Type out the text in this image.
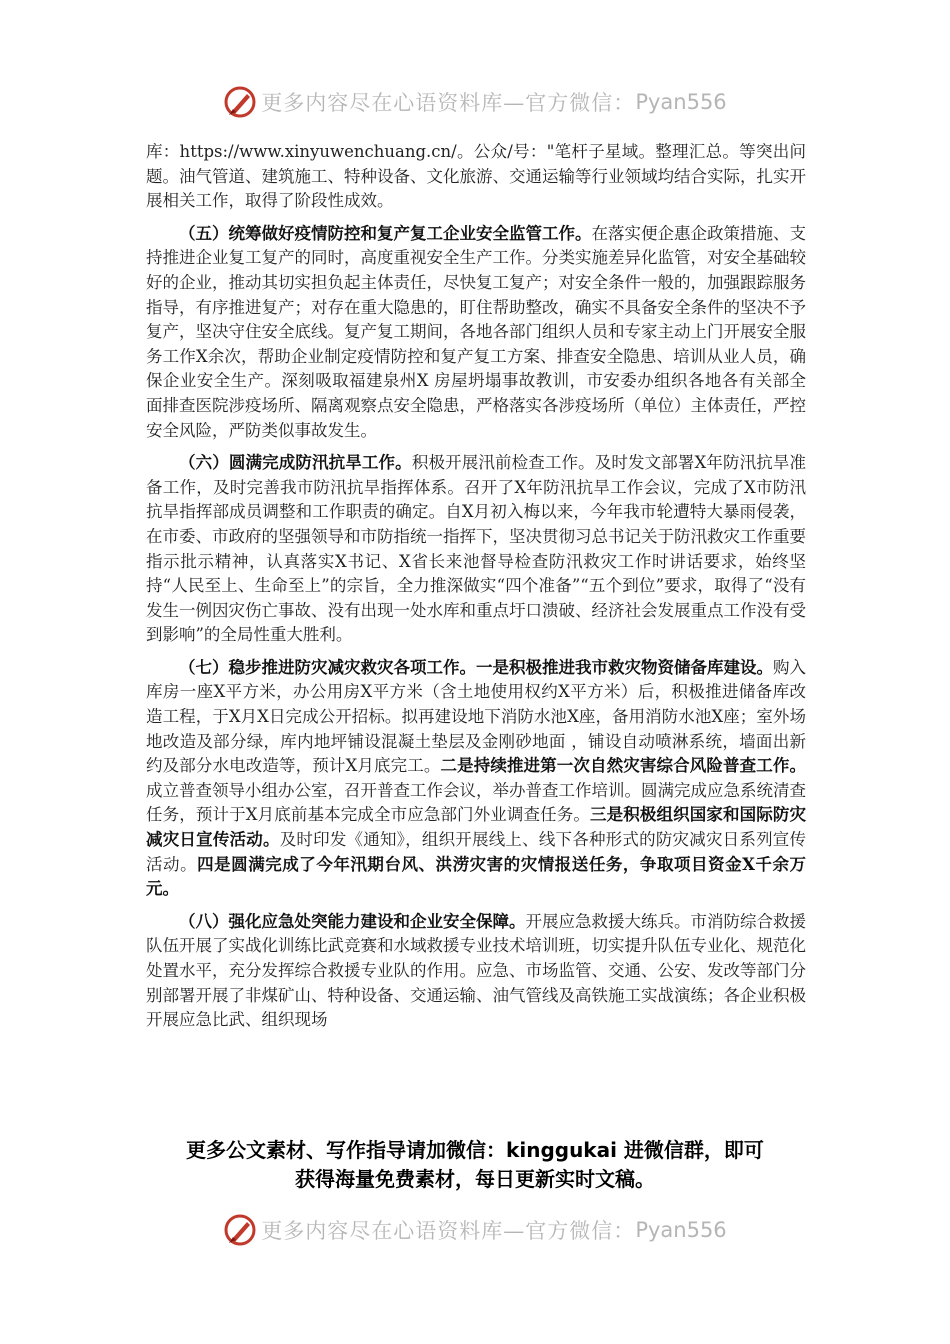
更多内容尽在心语资料库—官方微信： Pyan556

库：https://www.xinyuwenchuang.cn/。公众/号："笔杆子星域。整理汇总。等突出问题。油气管道、建筑施工、特种设备、文化旅游、交通运输等行业领域均结合实际，扎实开展相关工作，取得了阶段性成效。

（五）统筹做好疫情防控和复产复工企业安全监管工作。在落实便企惠企政策措施、支持推进企业复工复产的同时，高度重视安全生产工作。分类实施差异化监管，对安全基础较好的企业，推动其切实担负起主体责任，尽快复工复产；对安全条件一般的，加强跟踪服务指导，有序推进复产；对存在重大隐患的，盯住帮助整改，确实不具备安全条件的坚决不予复产，坚决守住安全底线。复产复工期间，各地各部门组织人员和专家主动上门开展安全服务工作X余次，帮助企业制定疫情防控和复产复工方案、排查安全隐患、培训从业人员，确保企业安全生产。深刻吸取福建泉州X 房屋坍塌事故教训，市安委办组织各地各有关部全面排查医院涉疫场所、隔离观察点安全隐患，严格落实各涉疫场所（单位）主体责任，严控安全风险，严防类似事故发生。

（六）圆满完成防汛抗旱工作。积极开展汛前检查工作。及时发文部署X年防汛抗旱准备工作，及时完善我市防汛抗旱指挥体系。召开了X年防汛抗旱工作会议，完成了X市防汛抗旱指挥部成员调整和工作职责的确定。自X月初入梅以来，今年我市轮遭特大暴雨侵袭，在市委、市政府的坚强领导和市防指统一指挥下，坚决贯彻习总书记关于防汛救灾工作重要指示批示精神，认真落实X书记、X省长来池督导检查防汛救灾工作时讲话要求，始终坚持“人民至上、生命至上”的宗旨，全力推深做实“四个准备”“五个到位”要求，取得了“没有发生一例因灾伤亡事故、没有出现一处水库和重点圩口溃破、经济社会发展重点工作没有受到影响”的全局性重大胜利。

（七）稳步推进防灾减灾救灾各项工作。一是积极推进我市救灾物资储备库建设。购入库房一座X平方米，办公用房X平方米（含土地使用权约X平方米）后，积极推进储备库改造工程，于X月X日完成公开招标。拟再建设地下消防水池X座，备用消防水池X座；室外场地改造及部分绿，库内地坪铺设混凝土垫层及金刚砂地面 ，铺设自动喷淋系统，墙面出新约及部分水电改造等，预计X月底完工。二是持续推进第一次自然灾害综合风险普查工作。成立普查领导小组办公室，召开普查工作会议，举办普查工作培训。圆满完成应急系统清查任务，预计于X月底前基本完成全市应急部门外业调查任务。三是积极组织国家和国际防灾减灾日宣传活动。及时印发《通知》，组织开展线上、线下各种形式的防灾减灾日系列宣传活动。四是圆满完成了今年汛期台风、洪涝灾害的灾情报送任务，争取项目资金X千余万元。

（八）强化应急处突能力建设和企业安全保障。开展应急救援大练兵。市消防综合救援队伍开展了实战化训练比武竞赛和水域救援专业技术培训班，切实提升队伍专业化、规范化处置水平，充分发挥综合救援专业队的作用。应急、市场监管、交通、公安、发改等部门分别部署开展了非煤矿山、特种设备、交通运输、油气管线及高铁施工实战演练；各企业积极开展应急比武、组织现场

更多公文素材、写作指导请加微信：kinggukai 进微信群，即可
获得海量免费素材，每日更新实时文稿。
更多内容尽在心语资料库—官方微信： Pyan556
